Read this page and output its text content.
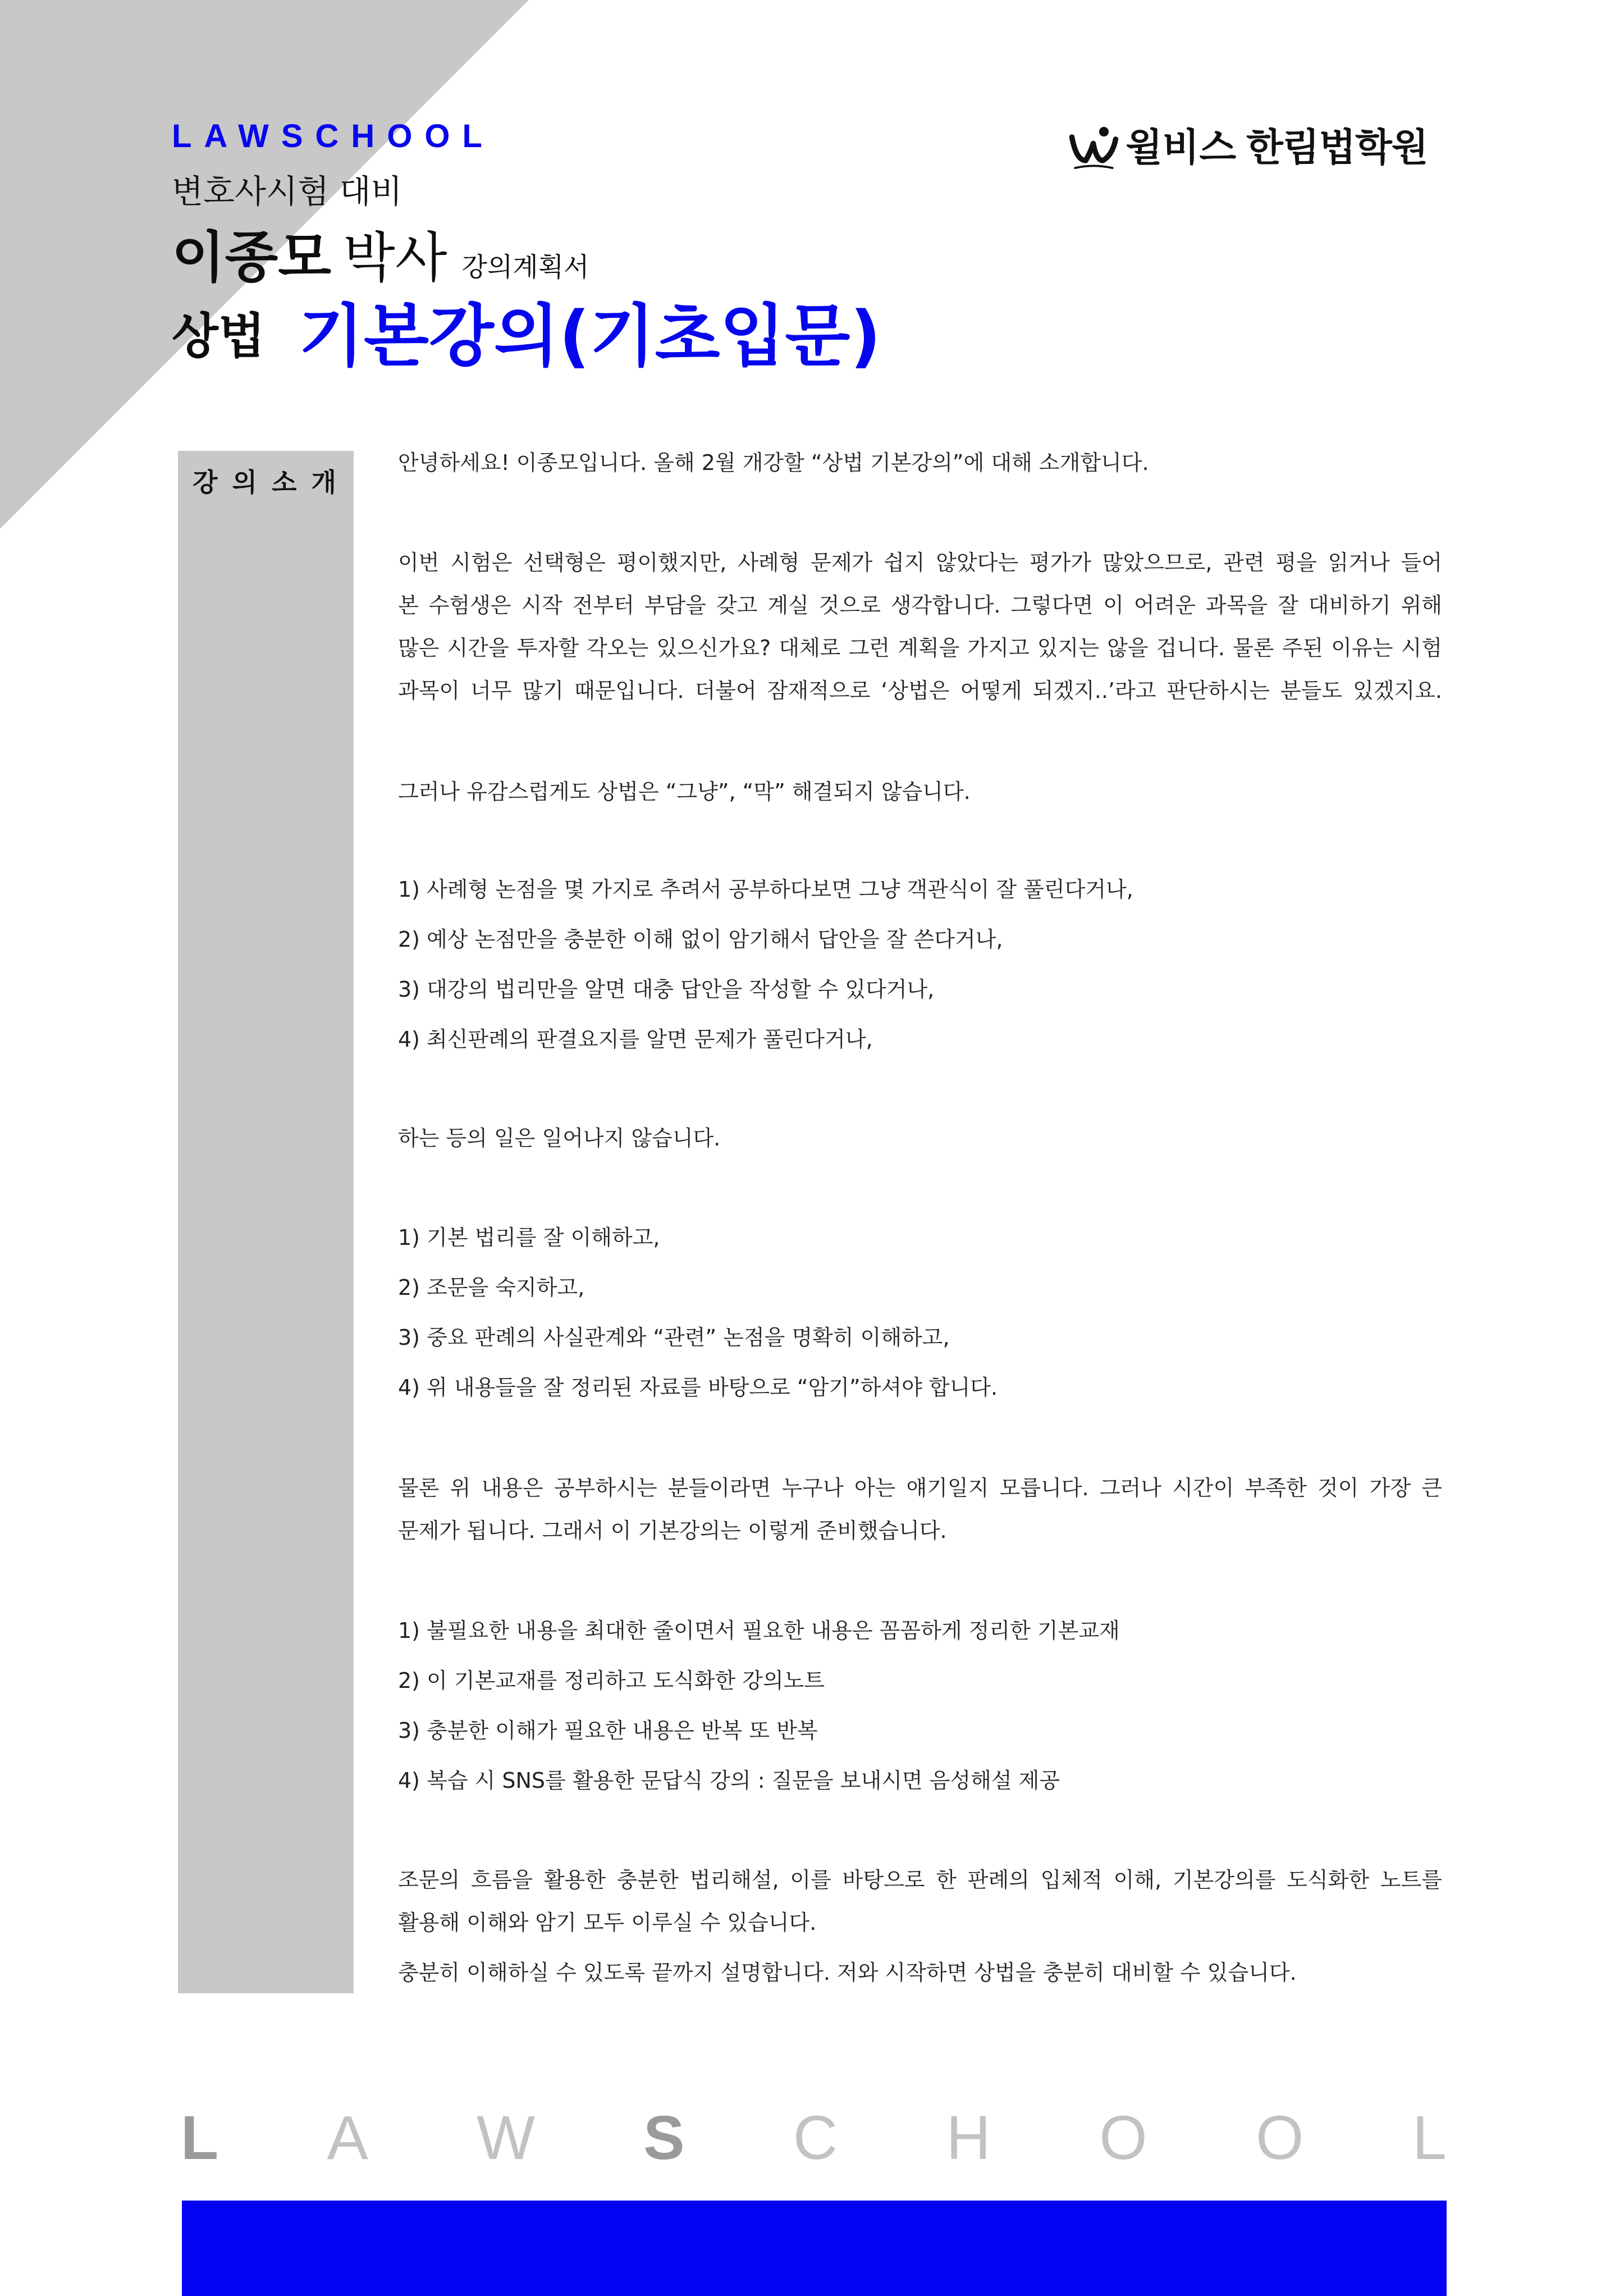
LAWSCHOOL	윌비스 한림법학원
변호사시험 대비
이종모 박사 강의계획서
상법 기본강의(기초입문)
강 의 소 개
안녕하세요! 이종모입니다. 올해 2월 개강할 “상법 기본강의”에 대해 소개합니다.
이번 시험은 선택형은 평이했지만, 사례형 문제가 쉽지 않았다는 평가가 많았으므로, 관련 평을 읽거나 들어
본 수험생은 시작 전부터 부담을 갖고 계실 것으로 생각합니다. 그렇다면 이 어려운 과목을 잘 대비하기 위해
많은 시간을 투자할 각오는 있으신가요? 대체로 그런 계획을 가지고 있지는 않을 겁니다. 물론 주된 이유는 시험
과목이 너무 많기 때문입니다. 더불어 잠재적으로 ‘상법은 어떻게 되겠지..’라고 판단하시는 분들도 있겠지요.
그러나 유감스럽게도 상법은 “그냥”, “막” 해결되지 않습니다.
1) 사례형 논점을 몇 가지로 추려서 공부하다보면 그냥 객관식이 잘 풀린다거나,
2) 예상 논점만을 충분한 이해 없이 암기해서 답안을 잘 쓴다거나,
3) 대강의 법리만을 알면 대충 답안을 작성할 수 있다거나,
4) 최신판례의 판결요지를 알면 문제가 풀린다거나,
하는 등의 일은 일어나지 않습니다.
1) 기본 법리를 잘 이해하고,
2) 조문을 숙지하고,
3) 중요 판례의 사실관계와 “관련” 논점을 명확히 이해하고,
4) 위 내용들을 잘 정리된 자료를 바탕으로 “암기”하셔야 합니다.
물론 위 내용은 공부하시는 분들이라면 누구나 아는 얘기일지 모릅니다. 그러나 시간이 부족한 것이 가장 큰
문제가 됩니다. 그래서 이 기본강의는 이렇게 준비했습니다.
1) 불필요한 내용을 최대한 줄이면서 필요한 내용은 꼼꼼하게 정리한 기본교재
2) 이 기본교재를 정리하고 도식화한 강의노트
3) 충분한 이해가 필요한 내용은 반복 또 반복
4) 복습 시 SNS를 활용한 문답식 강의 : 질문을 보내시면 음성해설 제공
조문의 흐름을 활용한 충분한 법리해설, 이를 바탕으로 한 판례의 입체적 이해, 기본강의를 도식화한 노트를
활용해 이해와 암기 모두 이루실 수 있습니다.
충분히 이해하실 수 있도록 끝까지 설명합니다. 저와 시작하면 상법을 충분히 대비할 수 있습니다.
L A W S C H O O L
